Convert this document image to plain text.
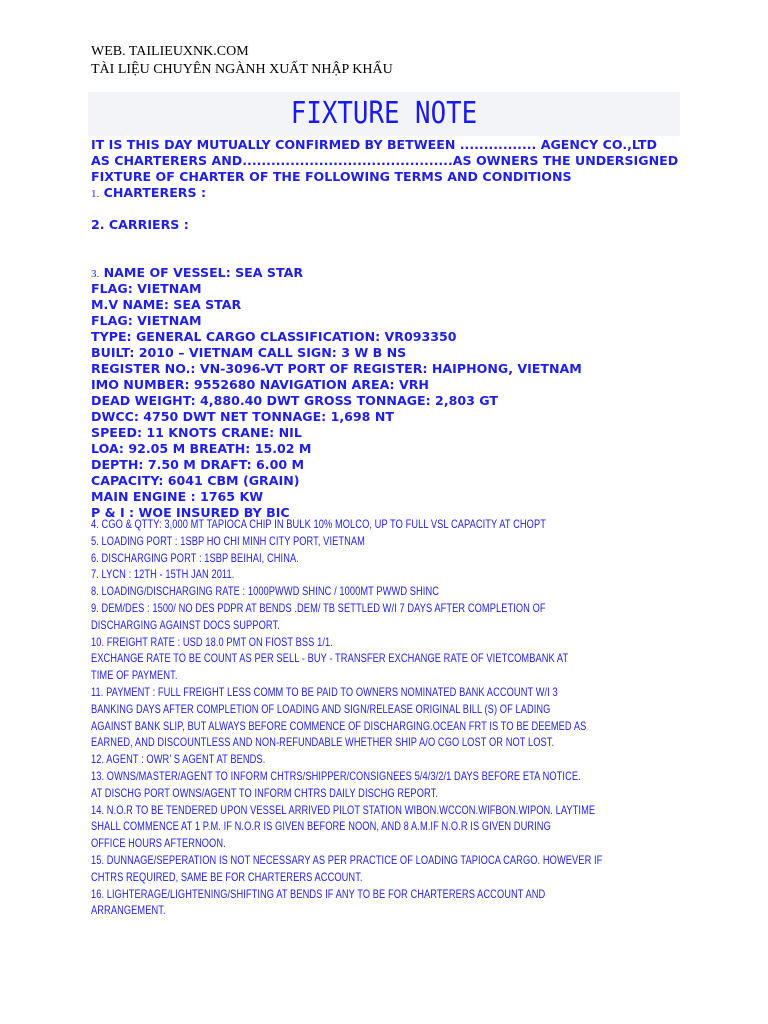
WEB. TAILIEUXNK.COM
TÀI LIỆU CHUYÊN NGÀNH XUẤT NHẬP KHẨU
FIXTURE NOTE
IT IS THIS DAY MUTUALLY CONFIRMED BY BETWEEN ................ AGENCY CO.,LTD
AS CHARTERERS AND............................................AS OWNERS THE UNDERSIGNED
FIXTURE OF CHARTER OF THE FOLLOWING TERMS AND CONDITIONS
1. CHARTERERS :
2. CARRIERS :
3. NAME OF VESSEL: SEA STAR
FLAG: VIETNAM
M.V NAME: SEA STAR
FLAG: VIETNAM
TYPE: GENERAL CARGO CLASSIFICATION: VR093350
BUILT: 2010 – VIETNAM CALL SIGN: 3 W B NS
REGISTER NO.: VN-3096-VT PORT OF REGISTER: HAIPHONG, VIETNAM
IMO NUMBER: 9552680 NAVIGATION AREA: VRH
DEAD WEIGHT: 4,880.40 DWT GROSS TONNAGE: 2,803 GT
DWCC: 4750 DWT NET TONNAGE: 1,698 NT
SPEED: 11 KNOTS CRANE: NIL
LOA: 92.05 M BREATH: 15.02 M
DEPTH: 7.50 M DRAFT: 6.00 M
CAPACITY: 6041 CBM (GRAIN)
MAIN ENGINE : 1765 KW
P & I : WOE INSURED BY BIC
4. CGO & QTTY: 3,000 MT TAPIOCA CHIP IN BULK 10% MOLCO, UP TO FULL VSL CAPACITY AT CHOPT
5. LOADING PORT : 1SBP HO CHI MINH CITY PORT, VIETNAM
6. DISCHARGING PORT : 1SBP BEIHAI, CHINA.
7. LYCN : 12TH - 15TH JAN 2011.
8. LOADING/DISCHARGING RATE : 1000PWWD SHINC / 1000MT PWWD SHINC
9. DEM/DES : 1500/ NO DES PDPR AT BENDS .DEM/ TB SETTLED W/I 7 DAYS AFTER COMPLETION OF
DISCHARGING AGAINST DOCS SUPPORT.
10. FREIGHT RATE : USD 18.0 PMT ON FIOST BSS 1/1.
EXCHANGE RATE TO BE COUNT AS PER SELL - BUY - TRANSFER EXCHANGE RATE OF VIETCOMBANK AT
TIME OF PAYMENT.
11. PAYMENT : FULL FREIGHT LESS COMM TO BE PAID TO OWNERS NOMINATED BANK ACCOUNT W/I 3
BANKING DAYS AFTER COMPLETION OF LOADING AND SIGN/RELEASE ORIGINAL BILL (S) OF LADING
AGAINST BANK SLIP, BUT ALWAYS BEFORE COMMENCE OF DISCHARGING.OCEAN FRT IS TO BE DEEMED AS
EARNED, AND DISCOUNTLESS AND NON-REFUNDABLE WHETHER SHIP A/O CGO LOST OR NOT LOST.
12. AGENT : OWR’ S AGENT AT BENDS.
13. OWNS/MASTER/AGENT TO INFORM CHTRS/SHIPPER/CONSIGNEES 5/4/3/2/1 DAYS BEFORE ETA NOTICE.
AT DISCHG PORT OWNS/AGENT TO INFORM CHTRS DAILY DISCHG REPORT.
14. N.O.R TO BE TENDERED UPON VESSEL ARRIVED PILOT STATION WIBON.WCCON.WIFBON.WIPON. LAYTIME
SHALL COMMENCE AT 1 P.M. IF N.O.R IS GIVEN BEFORE NOON, AND 8 A.M.IF N.O.R IS GIVEN DURING
OFFICE HOURS AFTERNOON.
15. DUNNAGE/SEPERATION IS NOT NECESSARY AS PER PRACTICE OF LOADING TAPIOCA CARGO. HOWEVER IF
CHTRS REQUIRED, SAME BE FOR CHARTERERS ACCOUNT.
16. LIGHTERAGE/LIGHTENING/SHIFTING AT BENDS IF ANY TO BE FOR CHARTERERS ACCOUNT AND
ARRANGEMENT.
